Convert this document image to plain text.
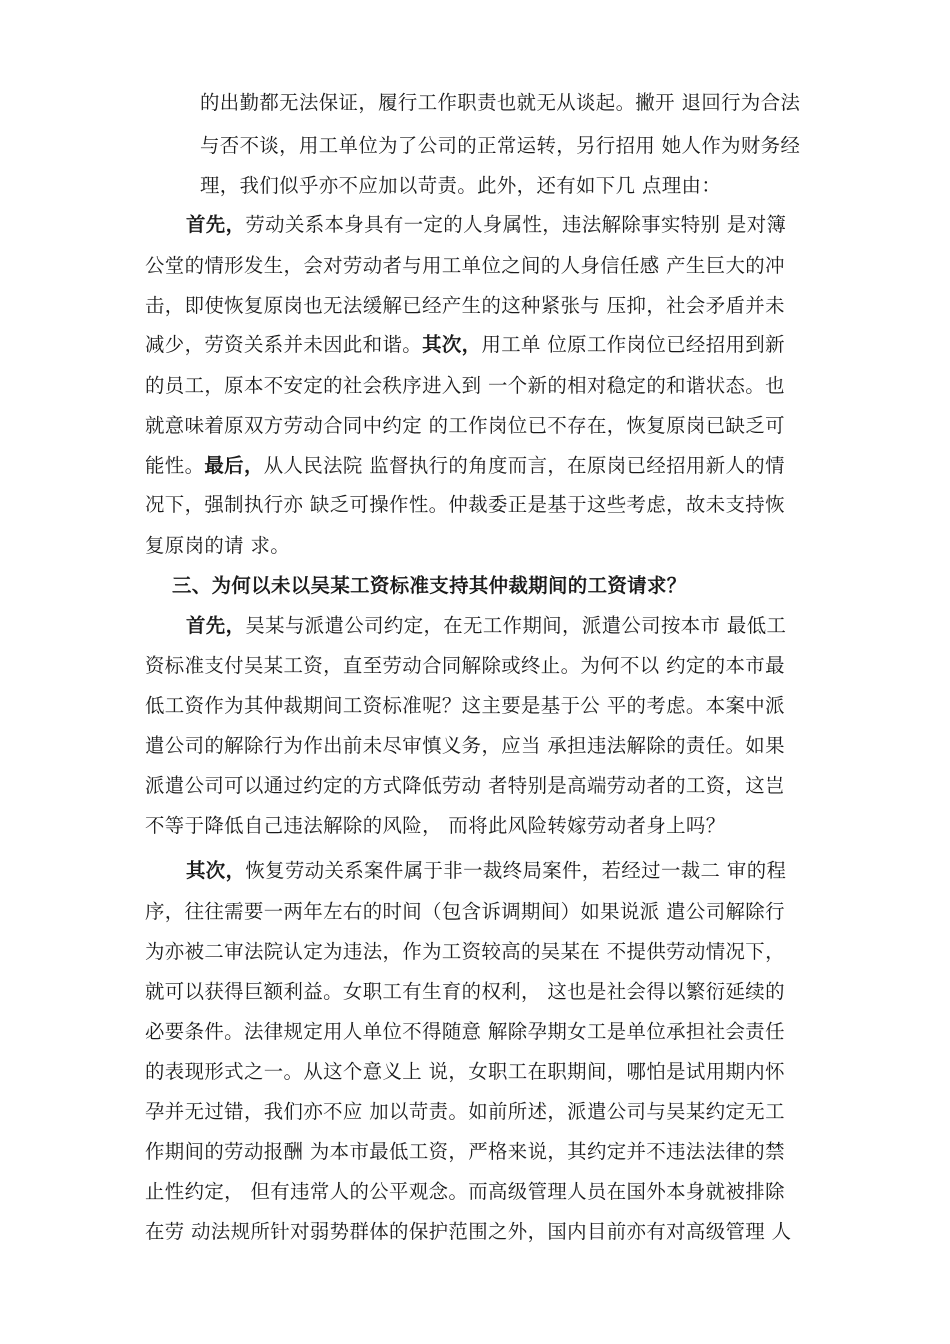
的出勤都无法保证，履行工作职责也就无从谈起。撇开 退回行为合法
与否不谈，用工单位为了公司的正常运转，另行招用 她人作为财务经
理，我们似乎亦不应加以苛责。此外，还有如下几 点理由：
首先，劳动关系本身具有一定的人身属性，违法解除事实特别 是对簿
公堂的情形发生，会对劳动者与用工单位之间的人身信任感 产生巨大的冲
击，即使恢复原岗也无法缓解已经产生的这种紧张与 压抑，社会矛盾并未
减少，劳资关系并未因此和谐。其次，用工单 位原工作岗位已经招用到新
的员工，原本不安定的社会秩序进入到 一个新的相对稳定的和谐状态。也
就意味着原双方劳动合同中约定 的工作岗位已不存在，恢复原岗已缺乏可
能性。最后，从人民法院 监督执行的角度而言，在原岗已经招用新人的情
况下，强制执行亦 缺乏可操作性。仲裁委正是基于这些考虑，故未支持恢
复原岗的请 求。
三、为何以未以吴某工资标准支持其仲裁期间的工资请求？
首先，吴某与派遣公司约定，在无工作期间，派遣公司按本市 最低工
资标准支付吴某工资，直至劳动合同解除或终止。为何不以 约定的本市最
低工资作为其仲裁期间工资标准呢？这主要是基于公 平的考虑。本案中派
遣公司的解除行为作出前未尽审慎义务，应当 承担违法解除的责任。如果
派遣公司可以通过约定的方式降低劳动 者特别是高端劳动者的工资，这岂
不等于降低自己违法解除的风险， 而将此风险转嫁劳动者身上吗？
其次，恢复劳动关系案件属于非一裁终局案件，若经过一裁二 审的程
序，往往需要一两年左右的时间（包含诉调期间）如果说派 遣公司解除行
为亦被二审法院认定为违法，作为工资较高的吴某在 不提供劳动情况下，
就可以获得巨额利益。女职工有生育的权利， 这也是社会得以繁衍延续的
必要条件。法律规定用人单位不得随意 解除孕期女工是单位承担社会责任
的表现形式之一。从这个意义上 说，女职工在职期间，哪怕是试用期内怀
孕并无过错，我们亦不应 加以苛责。如前所述，派遣公司与吴某约定无工
作期间的劳动报酬 为本市最低工资，严格来说，其约定并不违法法律的禁
止性约定， 但有违常人的公平观念。而高级管理人员在国外本身就被排除
在劳 动法规所针对弱势群体的保护范围之外，国内目前亦有对高级管理 人
